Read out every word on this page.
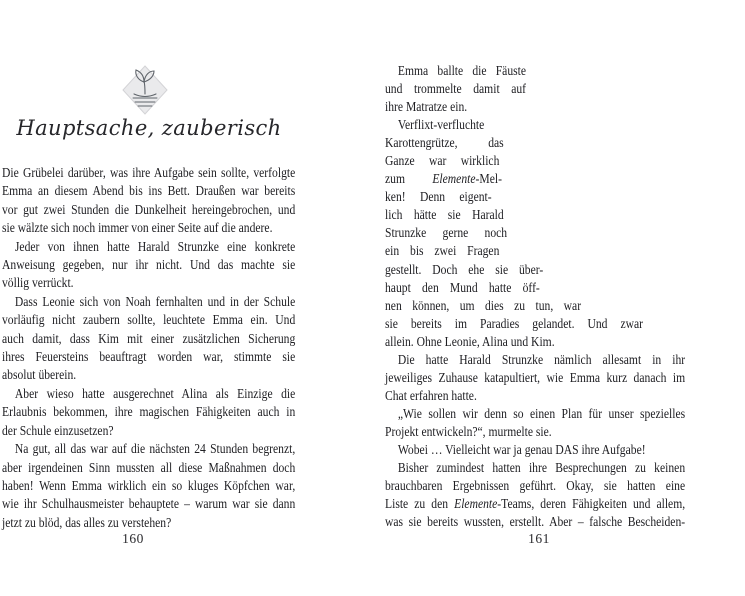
Hauptsache, zauberisch
Die Grübelei darüber, was ihre Aufgabe sein sollte, verfolgte
Emma an diesem Abend bis ins Bett. Draußen war bereits
vor gut zwei Stunden die Dunkelheit hereingebrochen, und
sie wälzte sich noch immer von einer Seite auf die andere.
Jeder von ihnen hatte Harald Strunzke eine konkrete
Anweisung gegeben, nur ihr nicht. Und das machte sie
völlig verrückt.
Dass Leonie sich von Noah fernhalten und in der Schule
vorläufig nicht zaubern sollte, leuchtete Emma ein. Und
auch damit, dass Kim mit einer zusätzlichen Sicherung
ihres Feuersteins beauftragt worden war, stimmte sie
absolut überein.
Aber wieso hatte ausgerechnet Alina als Einzige die
Erlaubnis bekommen, ihre magischen Fähigkeiten auch in
der Schule einzusetzen?
Na gut, all das war auf die nächsten 24 Stunden begrenzt,
aber irgendeinen Sinn mussten all diese Maßnahmen doch
haben! Wenn Emma wirklich ein so kluges Köpfchen war,
wie ihr Schulhausmeister behauptete – warum war sie dann
jetzt zu blöd, das alles zu verstehen?
160
Emma ballte die Fäuste
und trommelte damit auf
ihre Matratze ein.
Verflixt-verfluchte
Karottengrütze, das
Ganze war wirklich
zum Elemente-Mel-
ken! Denn eigent-
lich hätte sie Harald
Strunzke gerne noch
ein bis zwei Fragen
gestellt. Doch ehe sie über-
haupt den Mund hatte öff-
nen können, um dies zu tun, war
sie bereits im Paradies gelandet. Und zwar
allein. Ohne Leonie, Alina und Kim.
Die hatte Harald Strunzke nämlich allesamt in ihr
jeweiliges Zuhause katapultiert, wie Emma kurz danach im
Chat erfahren hatte.
„Wie sollen wir denn so einen Plan für unser spezielles
Projekt entwickeln?“, murmelte sie.
Wobei … Vielleicht war ja genau DAS ihre Aufgabe!
Bisher zumindest hatten ihre Besprechungen zu keinen
brauchbaren Ergebnissen geführt. Okay, sie hatten eine
Liste zu den Elemente-Teams, deren Fähigkeiten und allem,
was sie bereits wussten, erstellt. Aber – falsche Bescheiden-
161
